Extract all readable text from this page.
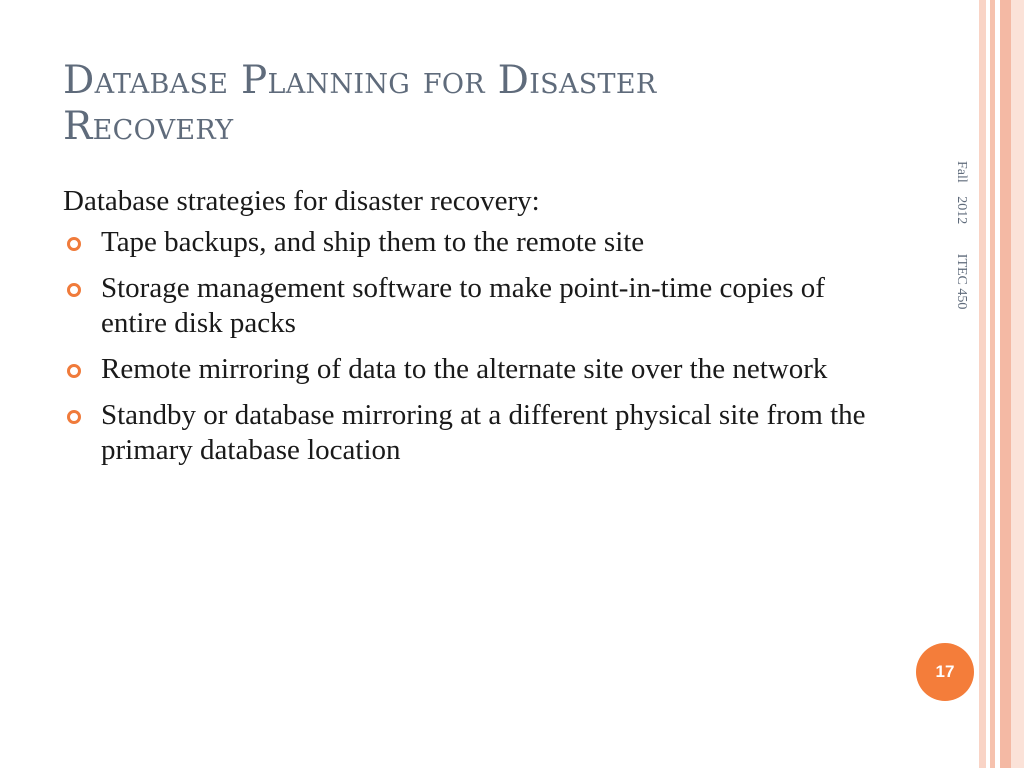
Database Planning for Disaster Recovery

Database strategies for disaster recovery:

Tape backups, and ship them to the remote site
Storage management software to make point-in-time copies of entire disk packs
Remote mirroring of data to the alternate site over the network
Standby or database mirroring at a different physical site from the primary database location
Fall 2012 ITEC 450
17
